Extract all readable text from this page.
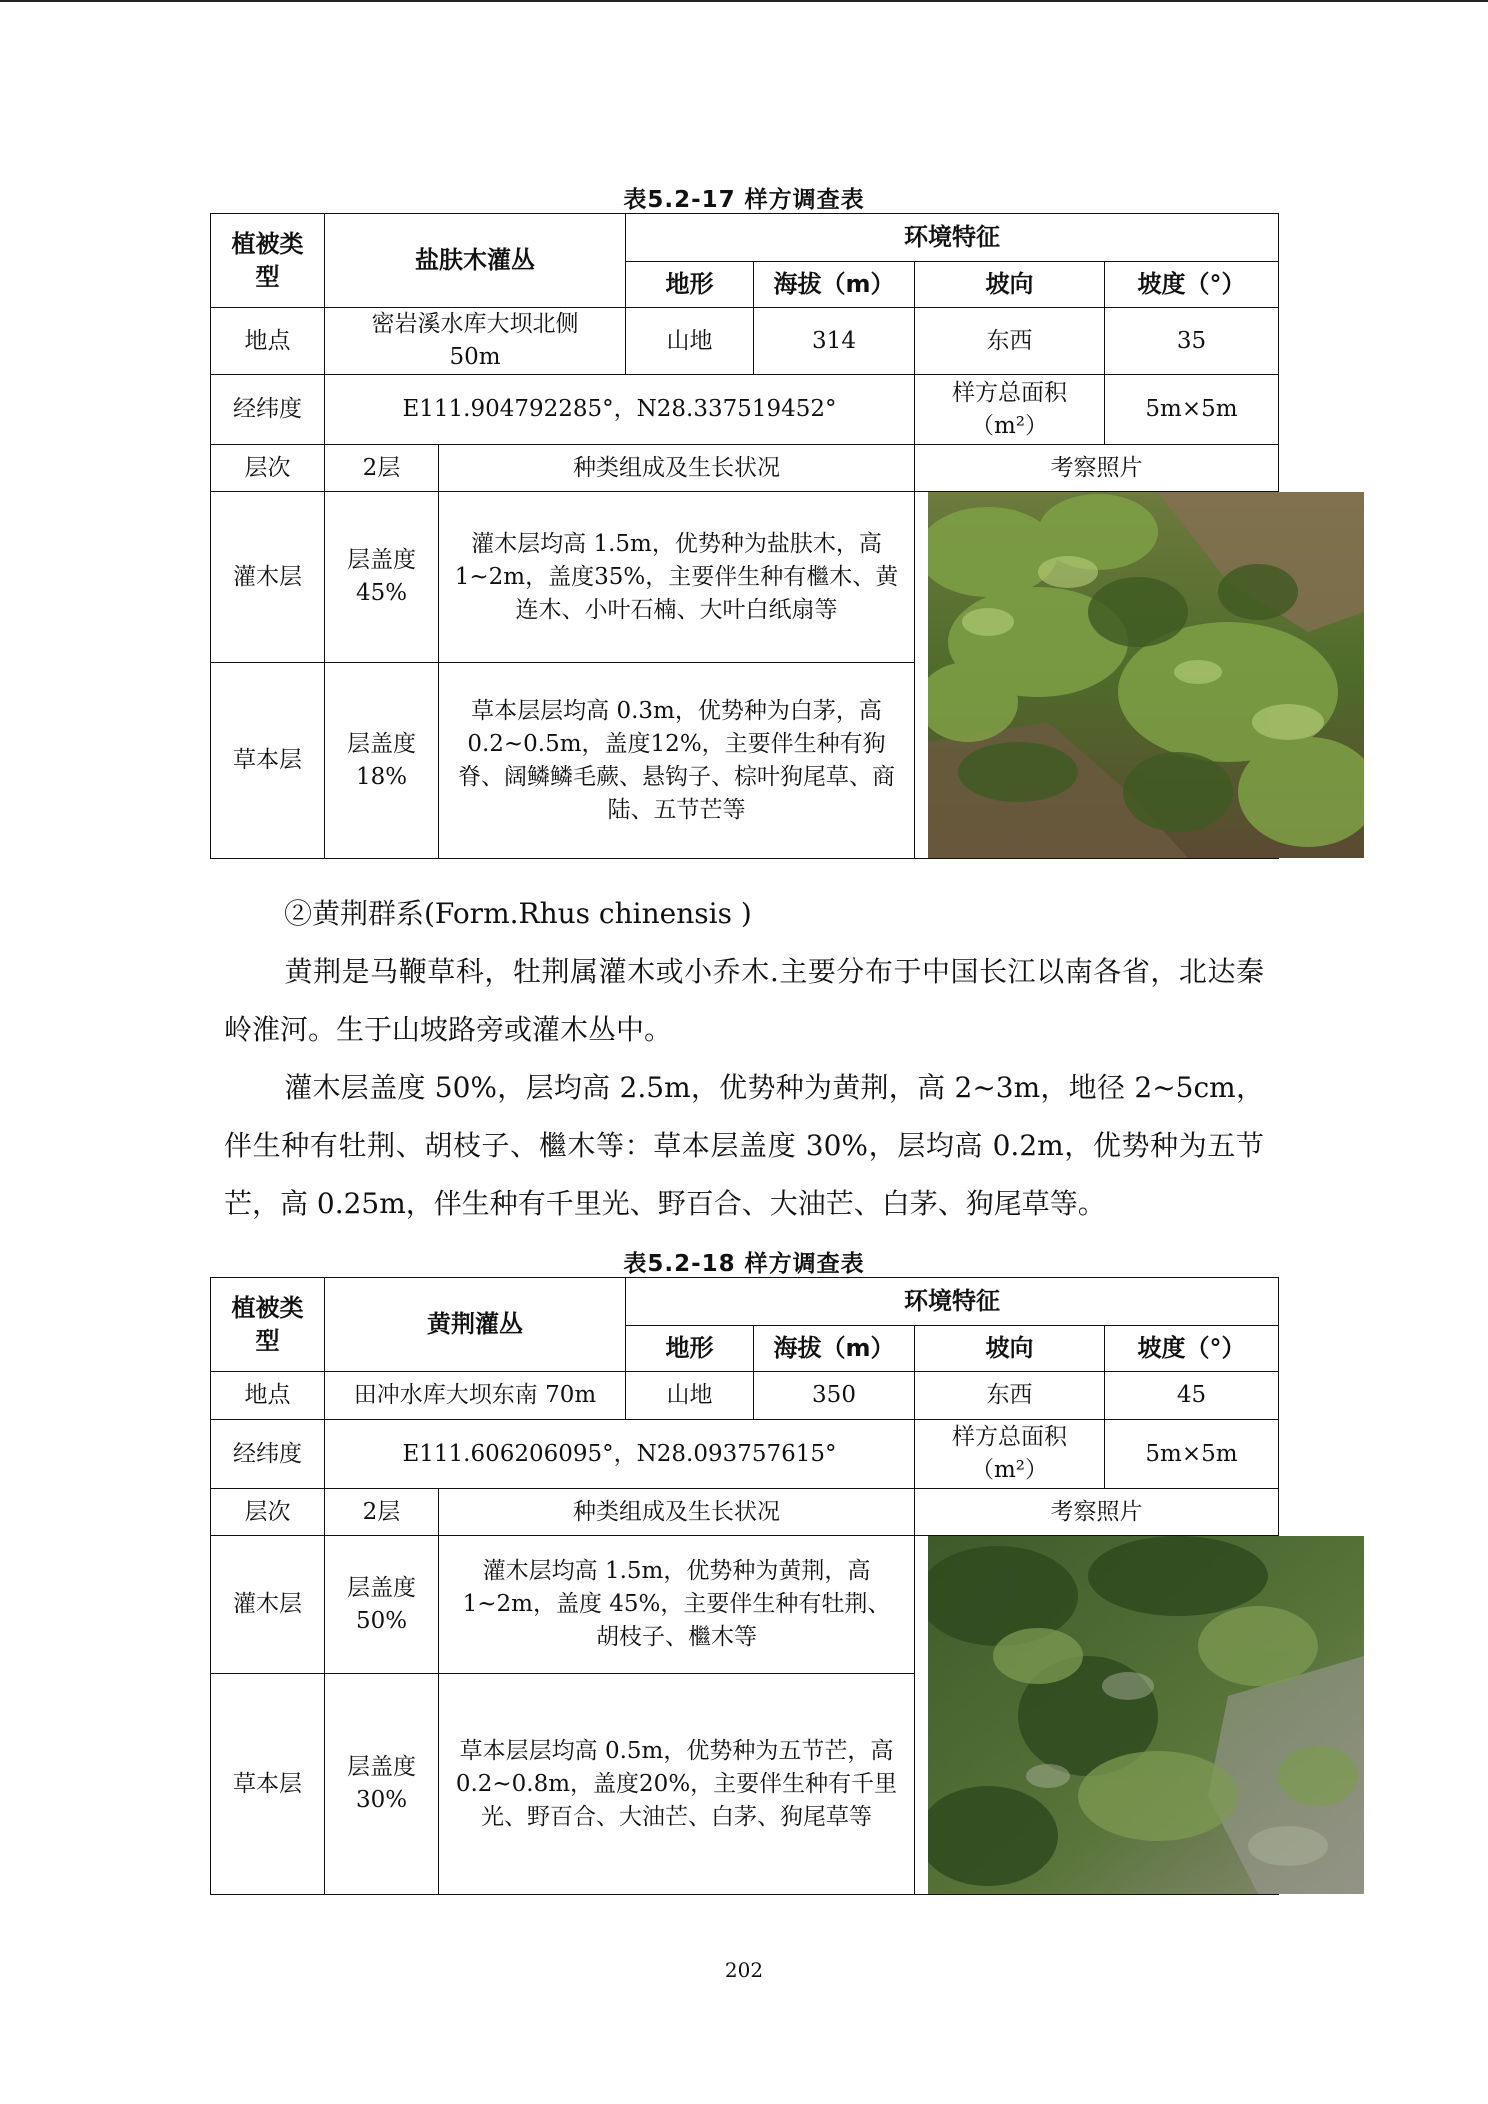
表5.2-17 样方调查表
植被类型	盐肤木灌丛		环境特征			
			地形	海拔（m）	坡向	坡度（°）
地点	密岩溪水库大坝北侧50m		山地	314	东西	35
经纬度	E111.904792285°，N28.337519452°				样方总面积（m²）	5m×5m
层次	2层	种类组成及生长状况			考察照片	
灌木层	层盖度45%	灌木层均高 1.5m，优势种为盐肤木，高 1~2m，盖度35%，主要伴生种有檵木、黄连木、小叶石楠、大叶白纸扇等	

草本层	层盖度18%	草本层层均高 0.3m，优势种为白茅，高 0.2~0.5m，盖度12%，主要伴生种有狗脊、阔鳞鳞毛蕨、悬钩子、棕叶狗尾草、商陆、五节芒等				
②黄荆群系(Form.Rhus chinensis )
黄荆是马鞭草科，牡荆属灌木或小乔木.主要分布于中国长江以南各省，北达秦岭淮河。生于山坡路旁或灌木丛中。
灌木层盖度 50%，层均高 2.5m，优势种为黄荆，高 2~3m，地径 2~5cm，伴生种有牡荆、胡枝子、檵木等：草本层盖度 30%，层均高 0.2m，优势种为五节芒，高 0.25m，伴生种有千里光、野百合、大油芒、白茅、狗尾草等。
表5.2-18 样方调查表
植被类型	黄荆灌丛		环境特征			
			地形	海拔（m）	坡向	坡度（°）
地点	田冲水库大坝东南 70m		山地	350	东西	45
经纬度	E111.606206095°，N28.093757615°				样方总面积（m²）	5m×5m
层次	2层	种类组成及生长状况			考察照片	
灌木层	层盖度50%	灌木层均高 1.5m，优势种为黄荆，高 1~2m，盖度 45%，主要伴生种有牡荆、胡枝子、檵木等	

草本层	层盖度30%	草本层层均高 0.5m，优势种为五节芒，高 0.2~0.8m，盖度20%，主要伴生种有千里光、野百合、大油芒、白茅、狗尾草等				
202
